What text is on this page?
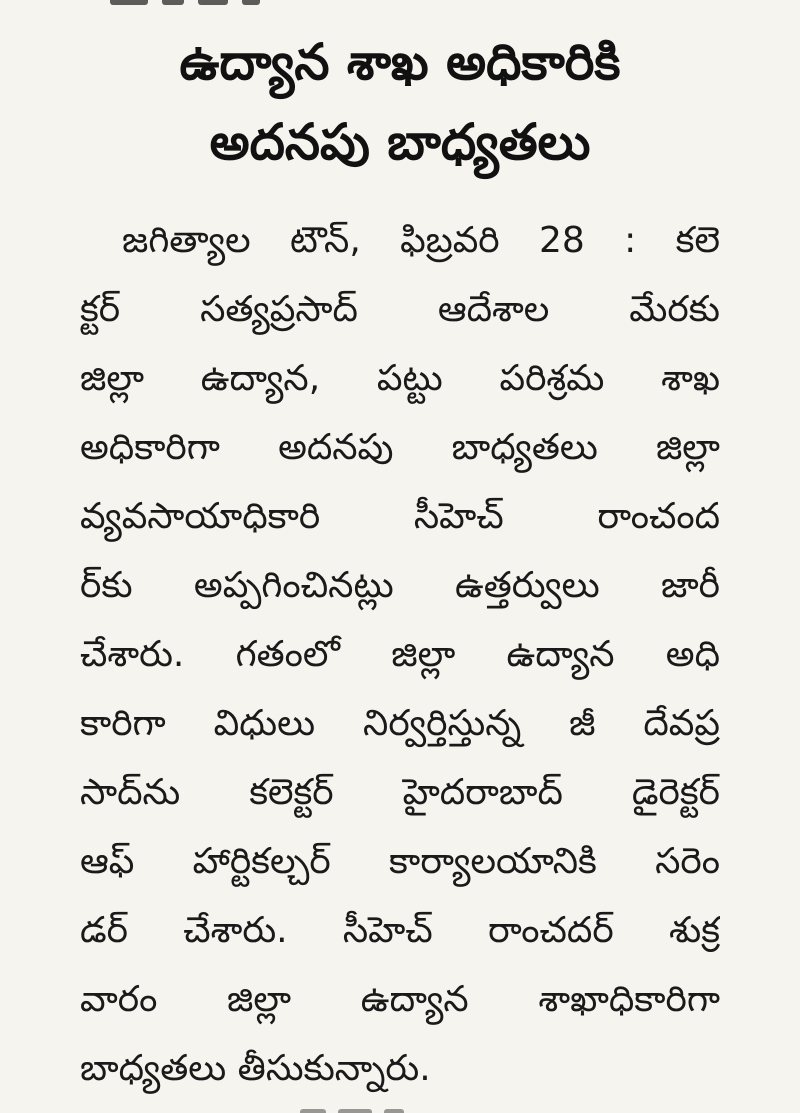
ఉద్యాన శాఖ అధికారికి
అదనపు బాధ్యతలు
జగిత్యాల టౌన్, ఫిబ్రవరి 28 : కలె
క్టర్ సత్యప్రసాద్ ఆదేశాల మేరకు
జిల్లా ఉద్యాన, పట్టు పరిశ్రమ శాఖ
అధికారిగా అదనపు బాధ్యతలు జిల్లా
వ్యవసాయాధికారి సీహెచ్ రాంచంద
ర్‌కు అప్పగించినట్లు ఉత్తర్వులు జారీ
చేశారు. గతంలో జిల్లా ఉద్యాన అధి
కారిగా విధులు నిర్వర్తిస్తున్న జీ దేవప్ర
సాద్‌ను కలెక్టర్ హైదరాబాద్ డైరెక్టర్
ఆఫ్ హార్టికల్చర్ కార్యాలయానికి సరెం
డర్ చేశారు. సీహెచ్ రాంచదర్ శుక్ర
వారం జిల్లా ఉద్యాన శాఖాధికారిగా
బాధ్యతలు తీసుకున్నారు.
